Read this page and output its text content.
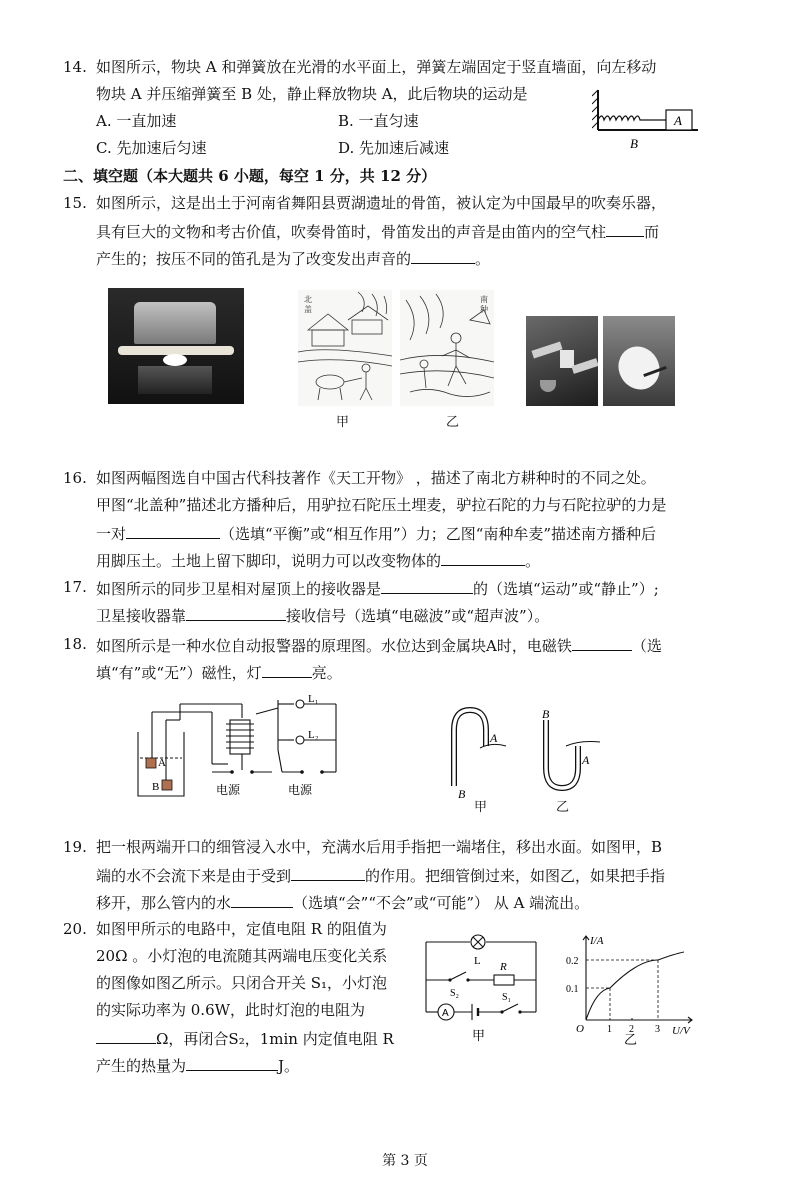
14. 如图所示，物块 A 和弹簧放在光滑的水平面上，弹簧左端固定于竖直墙面，向左移动
物块 A 并压缩弹簧至 B 处，静止释放物块 A，此后物块的运动是
A. 一直加速	B. 一直匀速
C. 先加速后匀速	D. 先加速后减速
A
B
二、填空题（本大题共 6 小题，每空 1 分，共 12 分）
15. 如图所示，这是出土于河南省舞阳县贾湖遗址的骨笛，被认定为中国最早的吹奏乐器，
具有巨大的文物和考古价值，吹奏骨笛时，骨笛发出的声音是由笛内的空气柱	而
产生的；按压不同的笛孔是为了改变发出声音的	。
北
盖
甲
南
种
乙
16. 如图两幅图选自中国古代科技著作《天工开物》 ，描述了南北方耕种时的不同之处。
甲图“北盖种”描述北方播种后，用驴拉石陀压土埋麦，驴拉石陀的力与石陀拉驴的力是
一对	（选填“平衡”或“相互作用”）力；乙图“南种牟麦”描述南方播种后
用脚压土。土地上留下脚印，说明力可以改变物体的	。
17. 如图所示的同步卫星相对屋顶上的接收器是	的（选填“运动”或“静止”）;
卫星接收器靠	接收信号（选填“电磁波”或“超声波”）。
18. 如图所示是一种水位自动报警器的原理图。水位达到金属块A时，电磁铁	（选
填“有”或“无”）磁性，灯	亮。
L₁
L₂
A
B	电源	电源
A
B
甲
B
A
乙
19. 把一根两端开口的细管浸入水中，充满水后用手指把一端堵住，移出水面。如图甲，B
端的水不会流下来是由于受到	的作用。把细管倒过来，如图乙，如果把手指
移开，那么管内的水	（选填“会”“不会”或“可能”） 从 A 端流出。
20. 如图甲所示的电路中，定值电阻 R 的阻值为
20Ω 。小灯泡的电流随其两端电压变化关系
的图像如图乙所示。只闭合开关 S₁，小灯泡
的实际功率为 0.6W，此时灯泡的电阻为
Ω，再闭合S₂，1min 内定值电阻 R
产生的热量为	J。
L R
S₂	S₁
A
甲
I/A
U/V
O
0.2
0.1
1 2 3
乙
第 3 页
